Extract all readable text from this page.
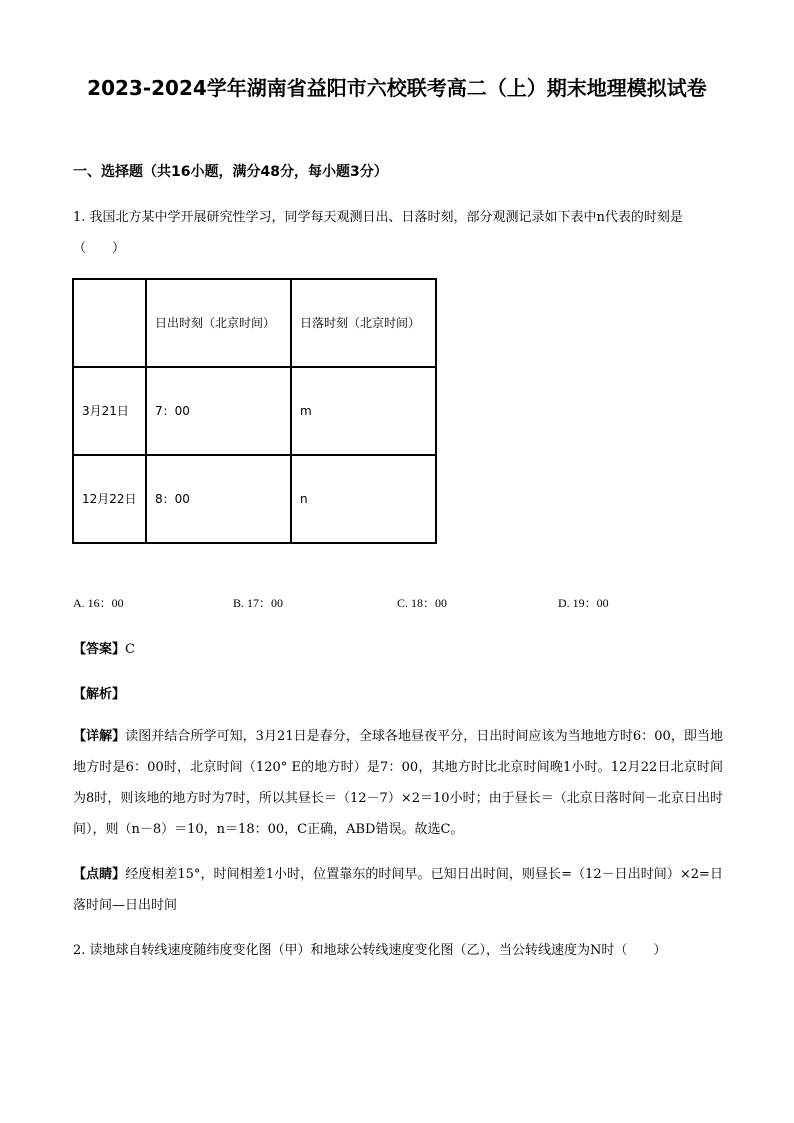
2023-2024学年湖南省益阳市六校联考高二（上）期末地理模拟试卷
一、选择题（共16小题，满分48分，每小题3分）
1. 我国北方某中学开展研究性学习，同学每天观测日出、日落时刻，部分观测记录如下表中n代表的时刻是（　　）
	日出时刻（北京时间）	日落时刻（北京时间）
3月21日	7：00	m
12月22日	8：00	n
A. 16：00	B. 17：00	C. 18：00	D. 19：00
【答案】C
【解析】
【详解】读图并结合所学可知，3月21日是春分，全球各地昼夜平分，日出时间应该为当地地方时6：00，即当地地方时是6：00时，北京时间（120° E的地方时）是7：00，其地方时比北京时间晚1小时。12月22日北京时间为8时，则该地的地方时为7时，所以其昼长＝（12－7）×2＝10小时；由于昼长＝（北京日落时间－北京日出时间），则（n－8）＝10，n＝18：00，C正确，ABD错误。故选C。
【点睛】经度相差15°，时间相差1小时，位置靠东的时间早。已知日出时间，则昼长=（12－日出时间）×2=日落时间—日出时间
2. 读地球自转线速度随纬度变化图（甲）和地球公转线速度变化图（乙），当公转线速度为N时（　　）
